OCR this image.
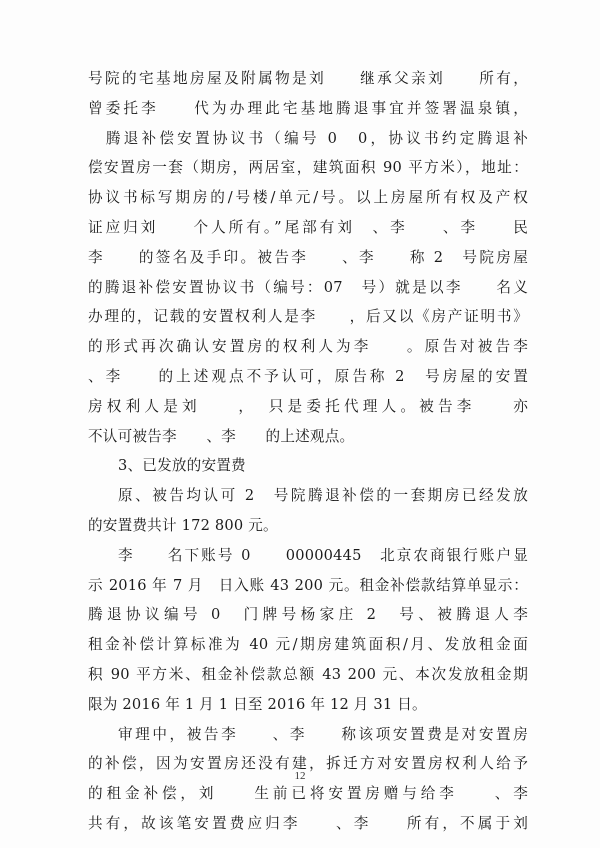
号院的宅基地房屋及附属物是刘　　继承父亲刘　　所有，
曾委托李　　代为办理此宅基地腾退事宜并签署温泉镇，
　腾退补偿安置协议书（编号 0　0，协议书约定腾退补
偿安置房一套（期房，两居室，建筑面积 90 平方米），地址：
协议书标写期房的/号楼/单元/号。以上房屋所有权及产权
证应归刘　　个人所有。”尾部有刘　、李　　、李　　民
李　　的签名及手印。被告李　　、李　　称 2　号院房屋
的腾退补偿安置协议书（编号：07　号）就是以李　　名义
办理的，记载的安置权利人是李　　，后又以《房产证明书》
的形式再次确认安置房的权利人为李　　。原告对被告李
、李　　的上述观点不予认可，原告称 2　号房屋的安置
房权利人是刘　　，　只是委托代理人。被告李　　亦
不认可被告李　　、李　　的上述观点。
3、已发放的安置费
原、被告均认可 2　号院腾退补偿的一套期房已经发放
的安置费共计 172 800 元。
李　　名下账号 0　　00000445　北京农商银行账户显
示 2016 年 7 月　日入账 43 200 元。租金补偿款结算单显示：
腾退协议编号 0　门牌号杨家庄 2　号、被腾退人李
租金补偿计算标准为 40 元/期房建筑面积/月、发放租金面
积 90 平方米、租金补偿款总额 43 200 元、本次发放租金期
限为 2016 年 1 月 1 日至 2016 年 12 月 31 日。
审理中，被告李　　、李　　称该项安置费是对安置房
的补偿，因为安置房还没有建，拆迁方对安置房权利人给予
的租金补偿，刘　　生前已将安置房赠与给李　　、李
共有，故该笔安置费应归李　　、李　　所有，不属于刘
12
